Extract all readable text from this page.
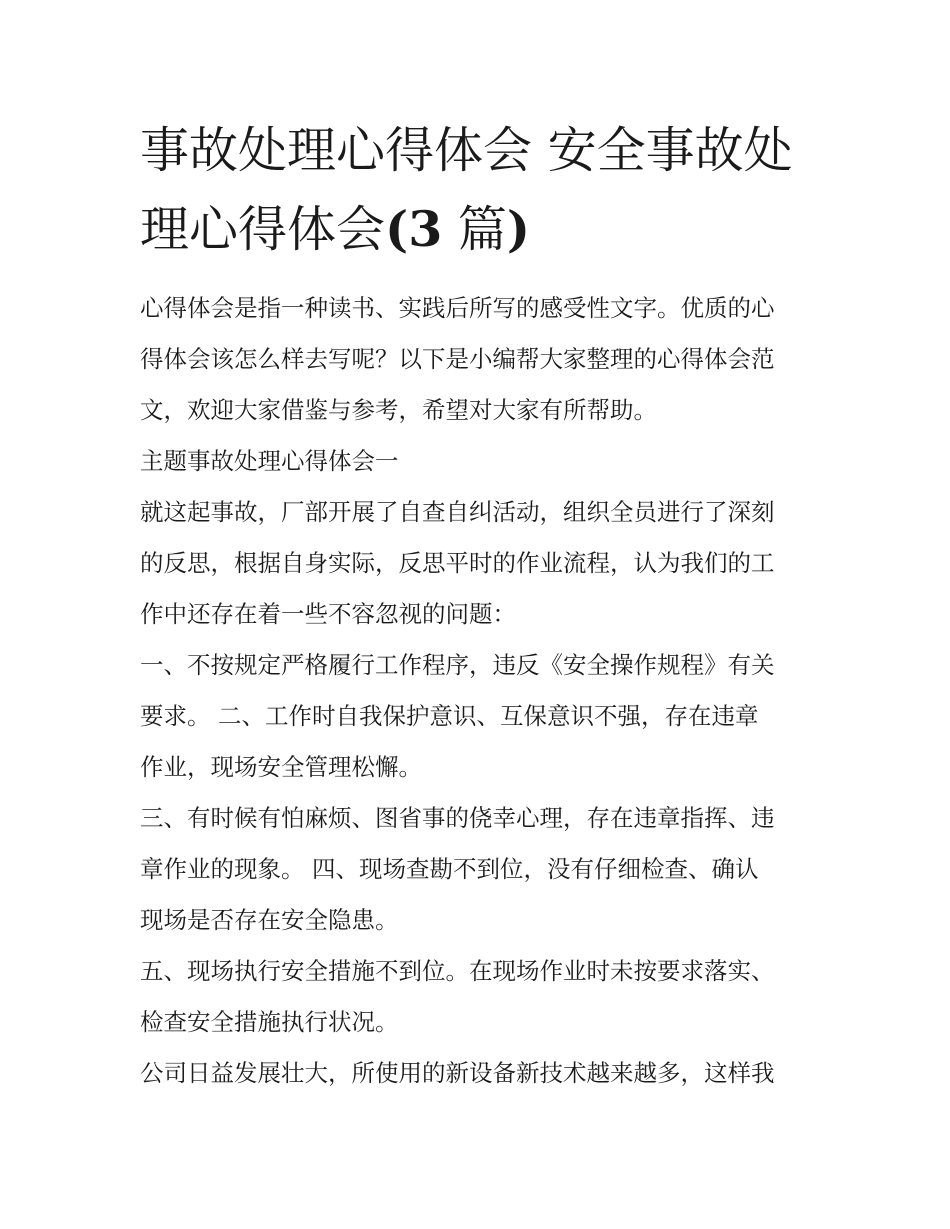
事故处理心得体会 安全事故处
理心得体会(3 篇)

心得体会是指一种读书、实践后所写的感受性文字。优质的心
得体会该怎么样去写呢？以下是小编帮大家整理的心得体会范
文，欢迎大家借鉴与参考，希望对大家有所帮助。

主题事故处理心得体会一

就这起事故，厂部开展了自查自纠活动，组织全员进行了深刻
的反思，根据自身实际，反思平时的作业流程，认为我们的工
作中还存在着一些不容忽视的问题：

一、不按规定严格履行工作程序，违反《安全操作规程》有关
要求。 二、工作时自我保护意识、互保意识不强，存在违章
作业，现场安全管理松懈。

三、有时候有怕麻烦、图省事的侥幸心理，存在违章指挥、违
章作业的现象。 四、现场查勘不到位，没有仔细检查、确认
现场是否存在安全隐患。

五、现场执行安全措施不到位。在现场作业时未按要求落实、
检查安全措施执行状况。

公司日益发展壮大，所使用的新设备新技术越来越多，这样我
